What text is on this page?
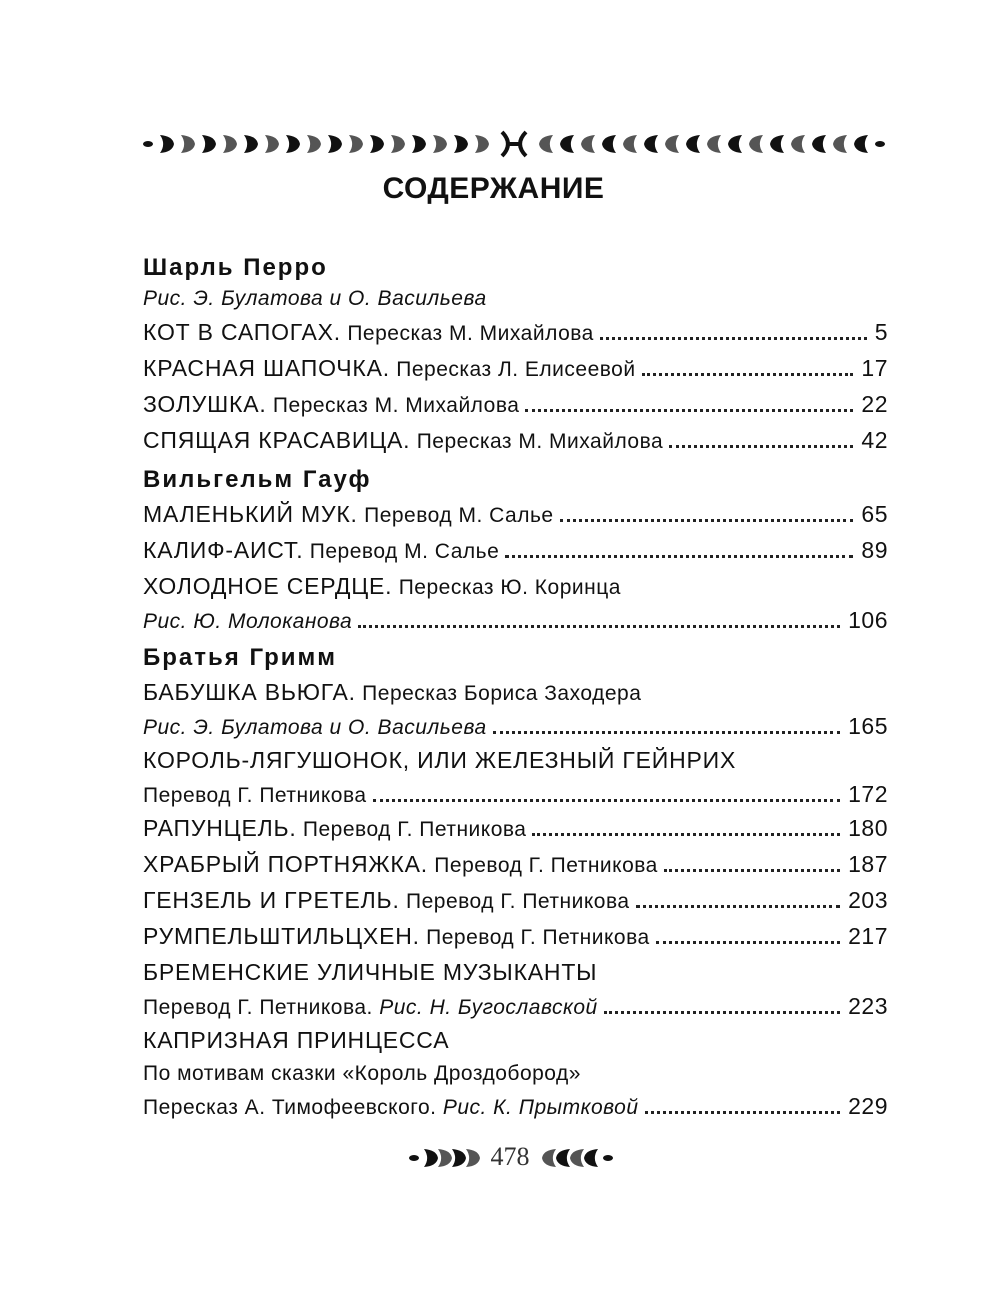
СОДЕРЖАНИЕ
Шарль Перро
Рис. Э. Булатова и О. Васильева
КОТ В САПОГАХ. Пересказ М. Михайлова	5
КРАСНАЯ ШАПОЧКА. Пересказ Л. Елисеевой	17
ЗОЛУШКА. Пересказ М. Михайлова	22
СПЯЩАЯ КРАСАВИЦА. Пересказ М. Михайлова	42
Вильгельм Гауф
МАЛЕНЬКИЙ МУК. Перевод М. Салье	65
КАЛИФ-АИСТ. Перевод М. Салье	89
ХОЛОДНОЕ СЕРДЦЕ. Пересказ Ю. Коринца
Рис. Ю. Молоканова	106
Братья Гримм
БАБУШКА ВЬЮГА. Пересказ Бориса Заходера
Рис. Э. Булатова и О. Васильева	165
КОРОЛЬ-ЛЯГУШОНОК, ИЛИ ЖЕЛЕЗНЫЙ ГЕЙНРИХ
Перевод Г. Петникова	172
РАПУНЦЕЛЬ. Перевод Г. Петникова	180
ХРАБРЫЙ ПОРТНЯЖКА. Перевод Г. Петникова	187
ГЕНЗЕЛЬ И ГРЕТЕЛЬ. Перевод Г. Петникова	203
РУМПЕЛЬШТИЛЬЦХЕН. Перевод Г. Петникова	217
БРЕМЕНСКИЕ УЛИЧНЫЕ МУЗЫКАНТЫ
Перевод Г. Петникова. Рис. Н. Бугославской	223
КАПРИЗНАЯ ПРИНЦЕССА
По мотивам сказки «Король Дроздобород»
Пересказ А. Тимофеевского. Рис. К. Прытковой	229
478
